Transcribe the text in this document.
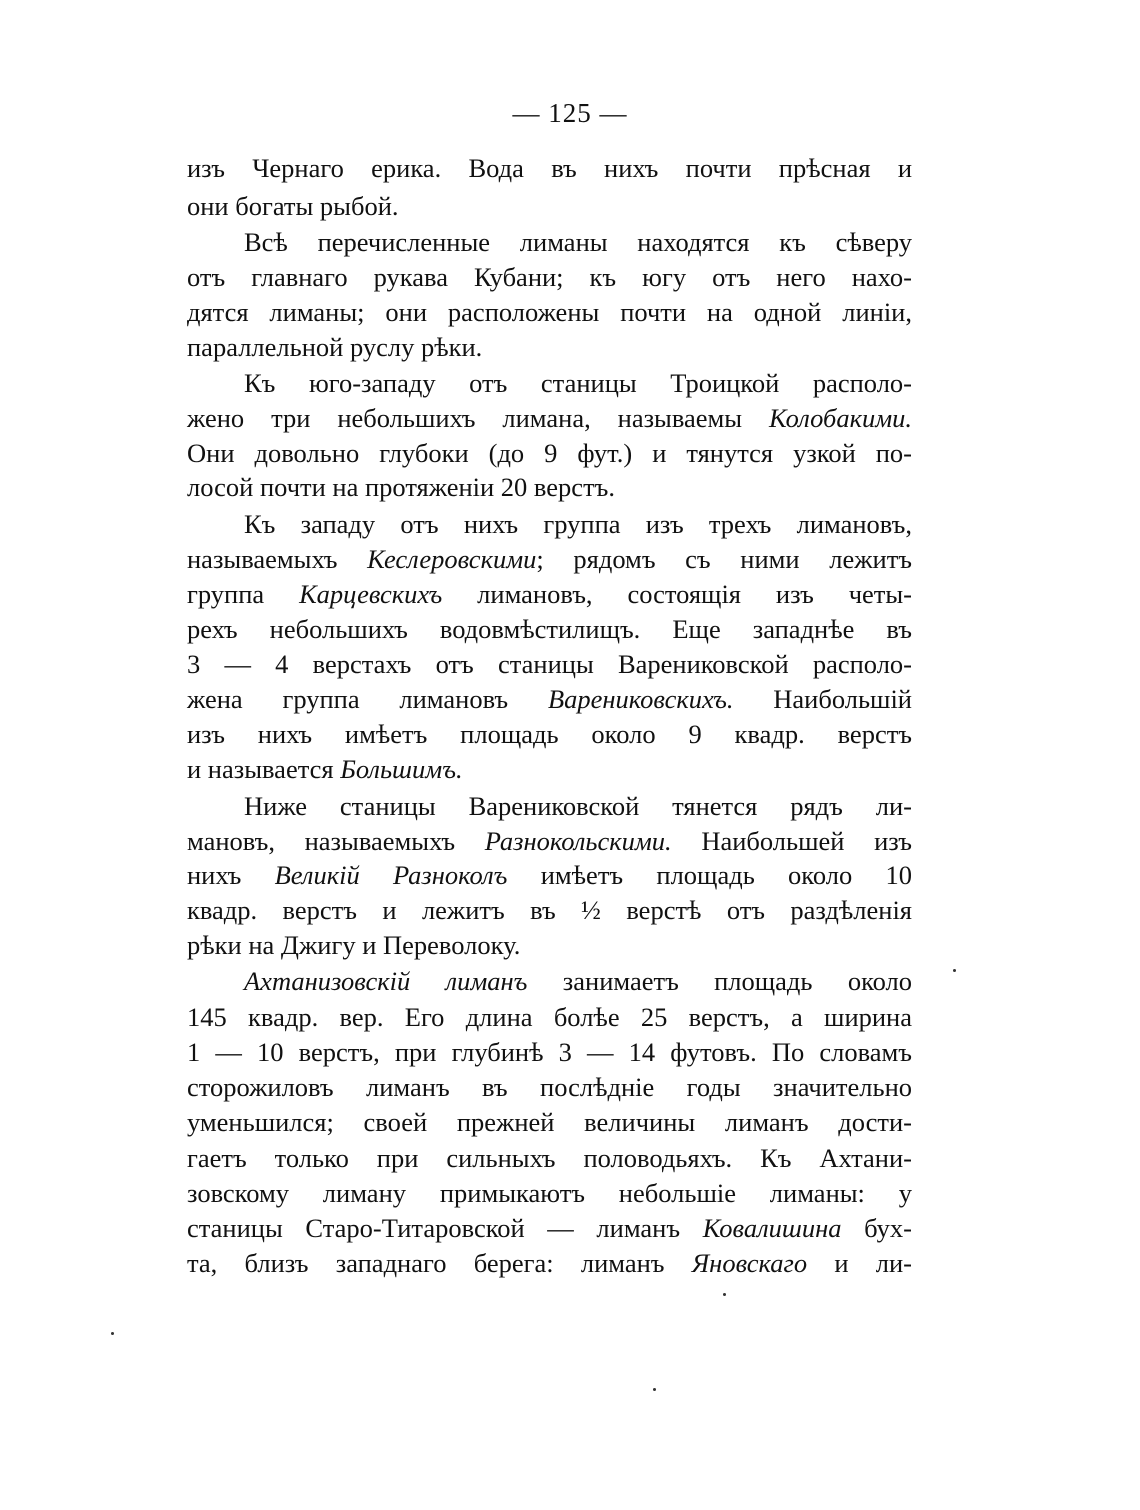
— 125 —
изъ Чернаго ерика. Вода въ нихъ почти прѣсная и
они богаты рыбой.
Всѣ перечисленные лиманы находятся къ сѣверу
отъ главнаго рукава Кубани; къ югу отъ него нахо-
дятся лиманы; они расположены почти на одной линіи,
параллельной руслу рѣки.
Къ юго-западу отъ станицы Троицкой располо-
жено три небольшихъ лимана, называемы Колобакими.
Они довольно глубоки (до 9 фут.) и тянутся узкой по-
лосой почти на протяженіи 20 верстъ.
Къ западу отъ нихъ группа изъ трехъ лимановъ,
называемыхъ Кеслеровскими; рядомъ съ ними лежитъ
группа Карцевскихъ лимановъ, состоящія изъ четы-
рехъ небольшихъ водовмѣстилищъ. Еще западнѣе въ
3 — 4 верстахъ отъ станицы Варениковской располо-
жена группа лимановъ Варениковскихъ. Наибольшій
изъ нихъ имѣетъ площадь около 9 квадр. верстъ
и называется Большимъ.
Ниже станицы Варениковской тянется рядъ ли-
мановъ, называемыхъ Разнокольскими. Наибольшей изъ
нихъ Великій Разноколъ имѣетъ площадь около 10
квадр. верстъ и лежитъ въ ½ верстѣ отъ раздѣленія
рѣки на Джигу и Переволоку.
Ахтанизовскій лиманъ занимаетъ площадь около
145 квадр. вер. Его длина болѣе 25 верстъ, а ширина
1 — 10 верстъ, при глубинѣ 3 — 14 футовъ. По словамъ
сторожиловъ лиманъ въ послѣдніе годы значительно
уменьшился; своей прежней величины лиманъ дости-
гаетъ только при сильныхъ половодьяхъ. Къ Ахтани-
зовскому лиману примыкаютъ небольшіе лиманы: у
станицы Старо-Титаровской — лиманъ Ковалишина бух-
та, близъ западнаго берега: лиманъ Яновскаго и ли-
